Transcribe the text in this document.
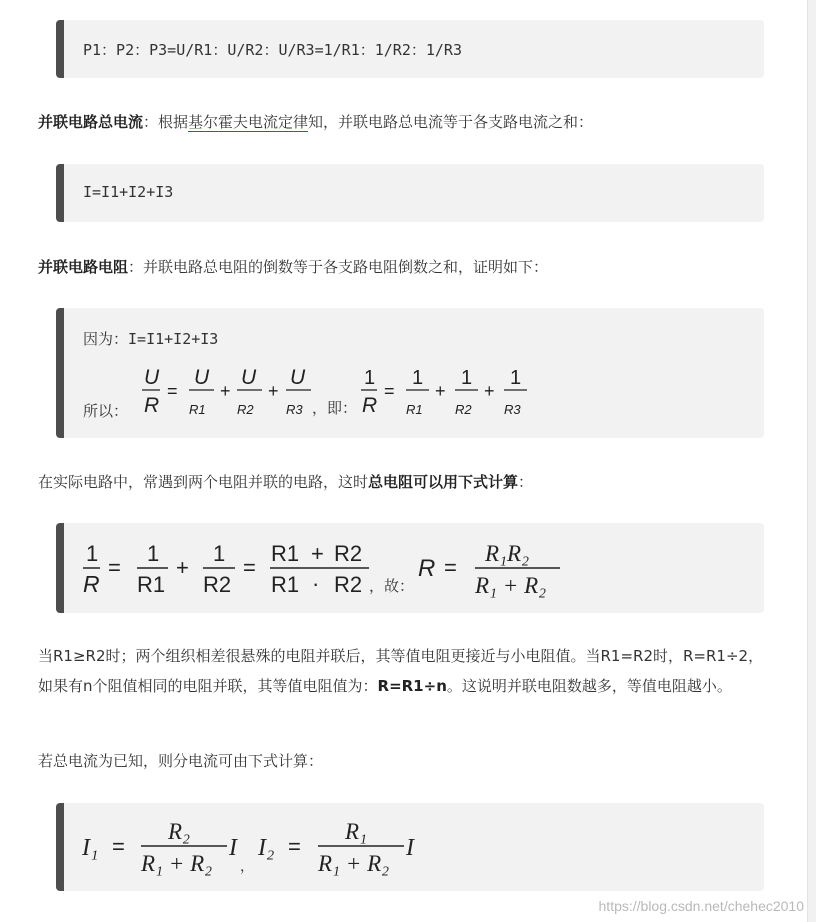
P1：P2：P3=U/R1：U/R2：U/R3=1/R1：1/R2：1/R3
并联电路总电流：根据基尔霍夫电流定律知，并联电路总电流等于各支路电流之和：
I=I1+I2+I3
并联电路电阻：并联电路总电阻的倒数等于各支路电阻倒数之和，证明如下：
因为：I=I1+I2+I3
所以：
U
R
=
U
R1
+
U
R2
+
U
R3 ，即：
1
R
=
1
R1
+
1
R2
+
1
R3
在实际电路中，常遇到两个电阻并联的电路，这时总电阻可以用下式计算：
1
R
=
1
R1
+
1
R2
=
R1 + R2
R1 · R2 ，故：
R =
R₁R₂
R₁ + R₂
当R1≥R2时；两个组织相差很悬殊的电阻并联后，其等值电阻更接近与小电阻值。当R1=R2时，R=R1÷2，如果有n个阻值相同的电阻并联，其等值电阻值为：R=R1÷n。这说明并联电阻数越多，等值电阻越小。
若总电流为已知，则分电流可由下式计算：
I₁ =
R₂
R₁ + R₂
I
，
I₂ =
R₁
R₁ + R₂
I
https://blog.csdn.net/chehec2010
